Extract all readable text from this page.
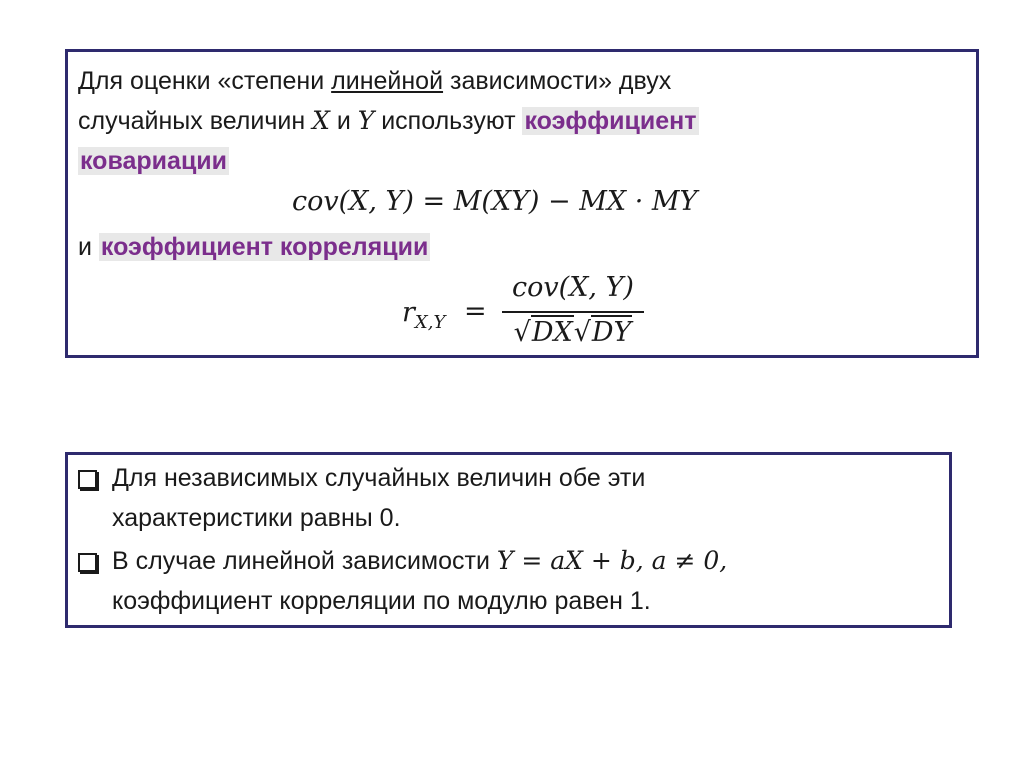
Для оценки «степени линейной зависимости» двух
случайных величин X и Y используют коэффициент
ковариации
cov(X, Y) = M(XY) − MX · MY
и коэффициент корреляции
$r_{X,Y}$ =
cov(X, Y)
√DX√DY
Для независимых случайных величин обе эти
характеристики равны 0.
В случае линейной зависимости Y = aX + b, a ≠ 0,
коэффициент корреляции по модулю равен 1.
